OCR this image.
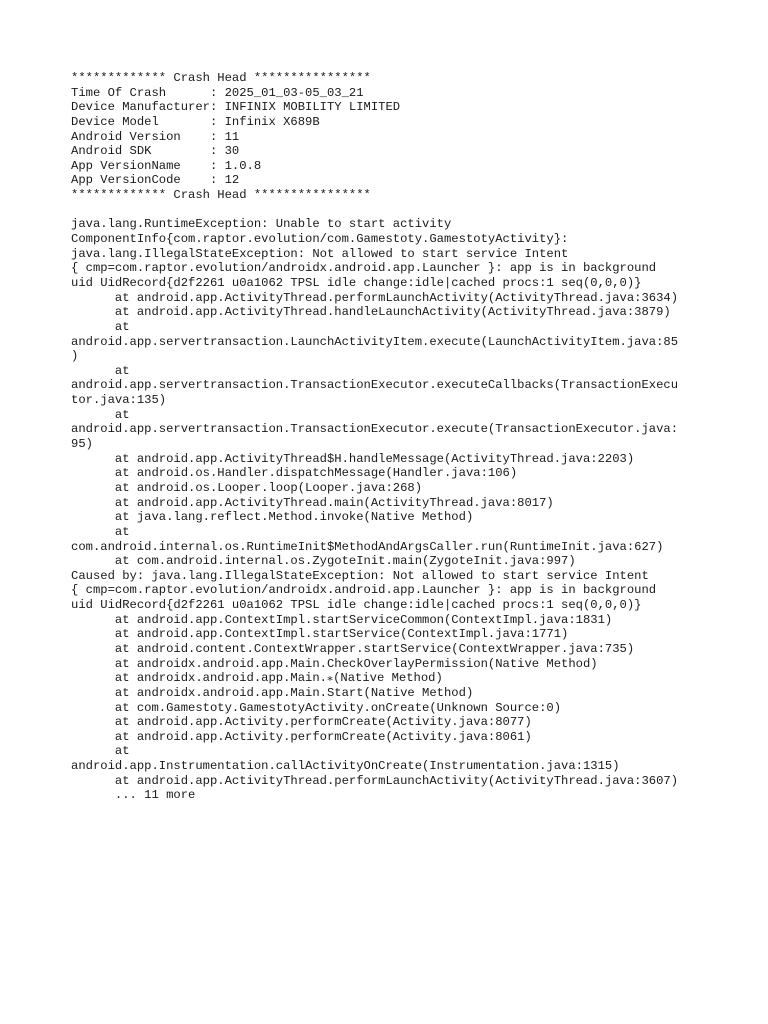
************* Crash Head ****************
Time Of Crash      : 2025_01_03-05_03_21
Device Manufacturer: INFINIX MOBILITY LIMITED
Device Model       : Infinix X689B
Android Version    : 11
Android SDK        : 30
App VersionName    : 1.0.8
App VersionCode    : 12
************* Crash Head ****************
java.lang.RuntimeException: Unable to start activity
ComponentInfo{com.raptor.evolution/com.Gamestoty.GamestotyActivity}:
java.lang.IllegalStateException: Not allowed to start service Intent
{ cmp=com.raptor.evolution/androidx.android.app.Launcher }: app is in background
uid UidRecord{d2f2261 u0a1062 TPSL idle change:idle|cached procs:1 seq(0,0,0)}
at android.app.ActivityThread.performLaunchActivity(ActivityThread.java:3634)
at android.app.ActivityThread.handleLaunchActivity(ActivityThread.java:3879)
at
android.app.servertransaction.LaunchActivityItem.execute(LaunchActivityItem.java:85
)
at
android.app.servertransaction.TransactionExecutor.executeCallbacks(TransactionExecu
tor.java:135)
at
android.app.servertransaction.TransactionExecutor.execute(TransactionExecutor.java:
95)
at android.app.ActivityThread$H.handleMessage(ActivityThread.java:2203)
at android.os.Handler.dispatchMessage(Handler.java:106)
at android.os.Looper.loop(Looper.java:268)
at android.app.ActivityThread.main(ActivityThread.java:8017)
at java.lang.reflect.Method.invoke(Native Method)
at
com.android.internal.os.RuntimeInit$MethodAndArgsCaller.run(RuntimeInit.java:627)
at com.android.internal.os.ZygoteInit.main(ZygoteInit.java:997)
Caused by: java.lang.IllegalStateException: Not allowed to start service Intent
{ cmp=com.raptor.evolution/androidx.android.app.Launcher }: app is in background
uid UidRecord{d2f2261 u0a1062 TPSL idle change:idle|cached procs:1 seq(0,0,0)}
at android.app.ContextImpl.startServiceCommon(ContextImpl.java:1831)
at android.app.ContextImpl.startService(ContextImpl.java:1771)
at android.content.ContextWrapper.startService(ContextWrapper.java:735)
at androidx.android.app.Main.CheckOverlayPermission(Native Method)
at androidx.android.app.Main.⁎(Native Method)
at androidx.android.app.Main.Start(Native Method)
at com.Gamestoty.GamestotyActivity.onCreate(Unknown Source:0)
at android.app.Activity.performCreate(Activity.java:8077)
at android.app.Activity.performCreate(Activity.java:8061)
at
android.app.Instrumentation.callActivityOnCreate(Instrumentation.java:1315)
at android.app.ActivityThread.performLaunchActivity(ActivityThread.java:3607)
... 11 more
